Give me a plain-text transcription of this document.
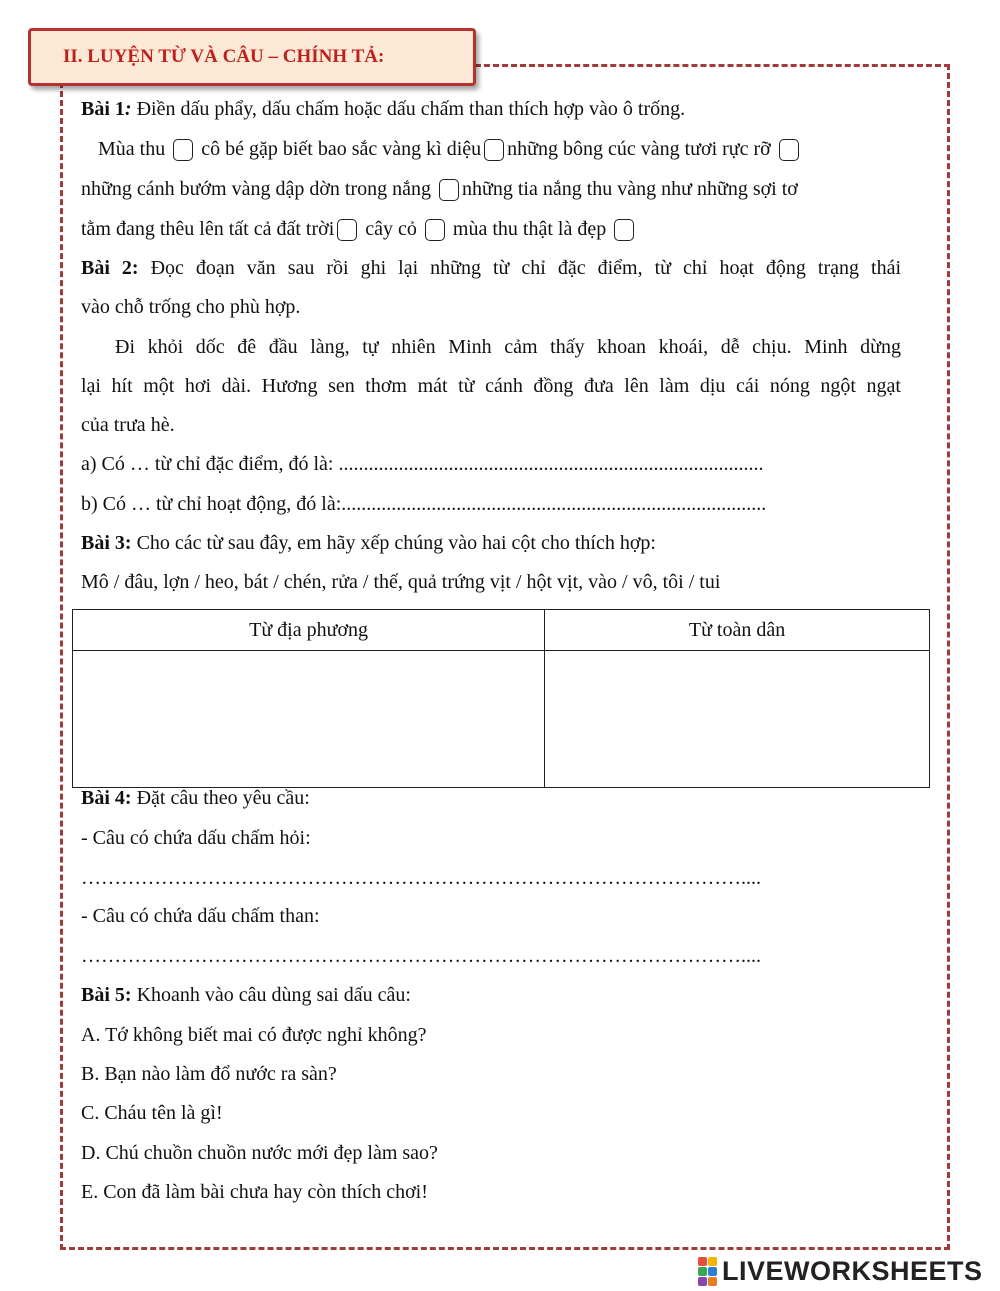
II. LUYỆN TỪ VÀ CÂU – CHÍNH TẢ:
Bài 1: Điền dấu phẩy, dấu chấm hoặc dấu chấm than thích hợp vào ô trống.
Mùa thu cô bé gặp biết bao sắc vàng kì diệu những bông cúc vàng tươi rực rỡ
những cánh bướm vàng dập dờn trong nắng những tia nắng thu vàng như những sợi tơ
tằm đang thêu lên tất cả đất trời cây cỏ mùa thu thật là đẹp
Bài 2: Đọc đoạn văn sau rồi ghi lại những từ chỉ đặc điểm, từ chỉ hoạt động trạng thái
vào chỗ trống cho phù hợp.
Đi khỏi dốc đê đầu làng, tự nhiên Minh cảm thấy khoan khoái, dễ chịu. Minh dừng
lại hít một hơi dài. Hương sen thơm mát từ cánh đồng đưa lên làm dịu cái nóng ngột ngạt
của trưa hè.
a) Có … từ chỉ đặc điểm, đó là: .....................................................................................
b) Có … từ chỉ hoạt động, đó là:.....................................................................................
Bài 3: Cho các từ sau đây, em hãy xếp chúng vào hai cột cho thích hợp:
Mô / đâu, lợn / heo, bát / chén, rửa / thế, quả trứng vịt / hột vịt, vào / vô, tôi / tui
Từ địa phương	Từ toàn dân

Bài 4: Đặt câu theo yêu cầu:
- Câu có chứa dấu chấm hỏi:
………………………………………………………………………………………....
- Câu có chứa dấu chấm than:
………………………………………………………………………………………....
Bài 5: Khoanh vào câu dùng sai dấu câu:
A. Tớ không biết mai có được nghỉ không?
B. Bạn nào làm đổ nước ra sàn?
C. Cháu tên là gì!
D. Chú chuồn chuồn nước mới đẹp làm sao?
E. Con đã làm bài chưa hay còn thích chơi!
LIVEWORKSHEETS
